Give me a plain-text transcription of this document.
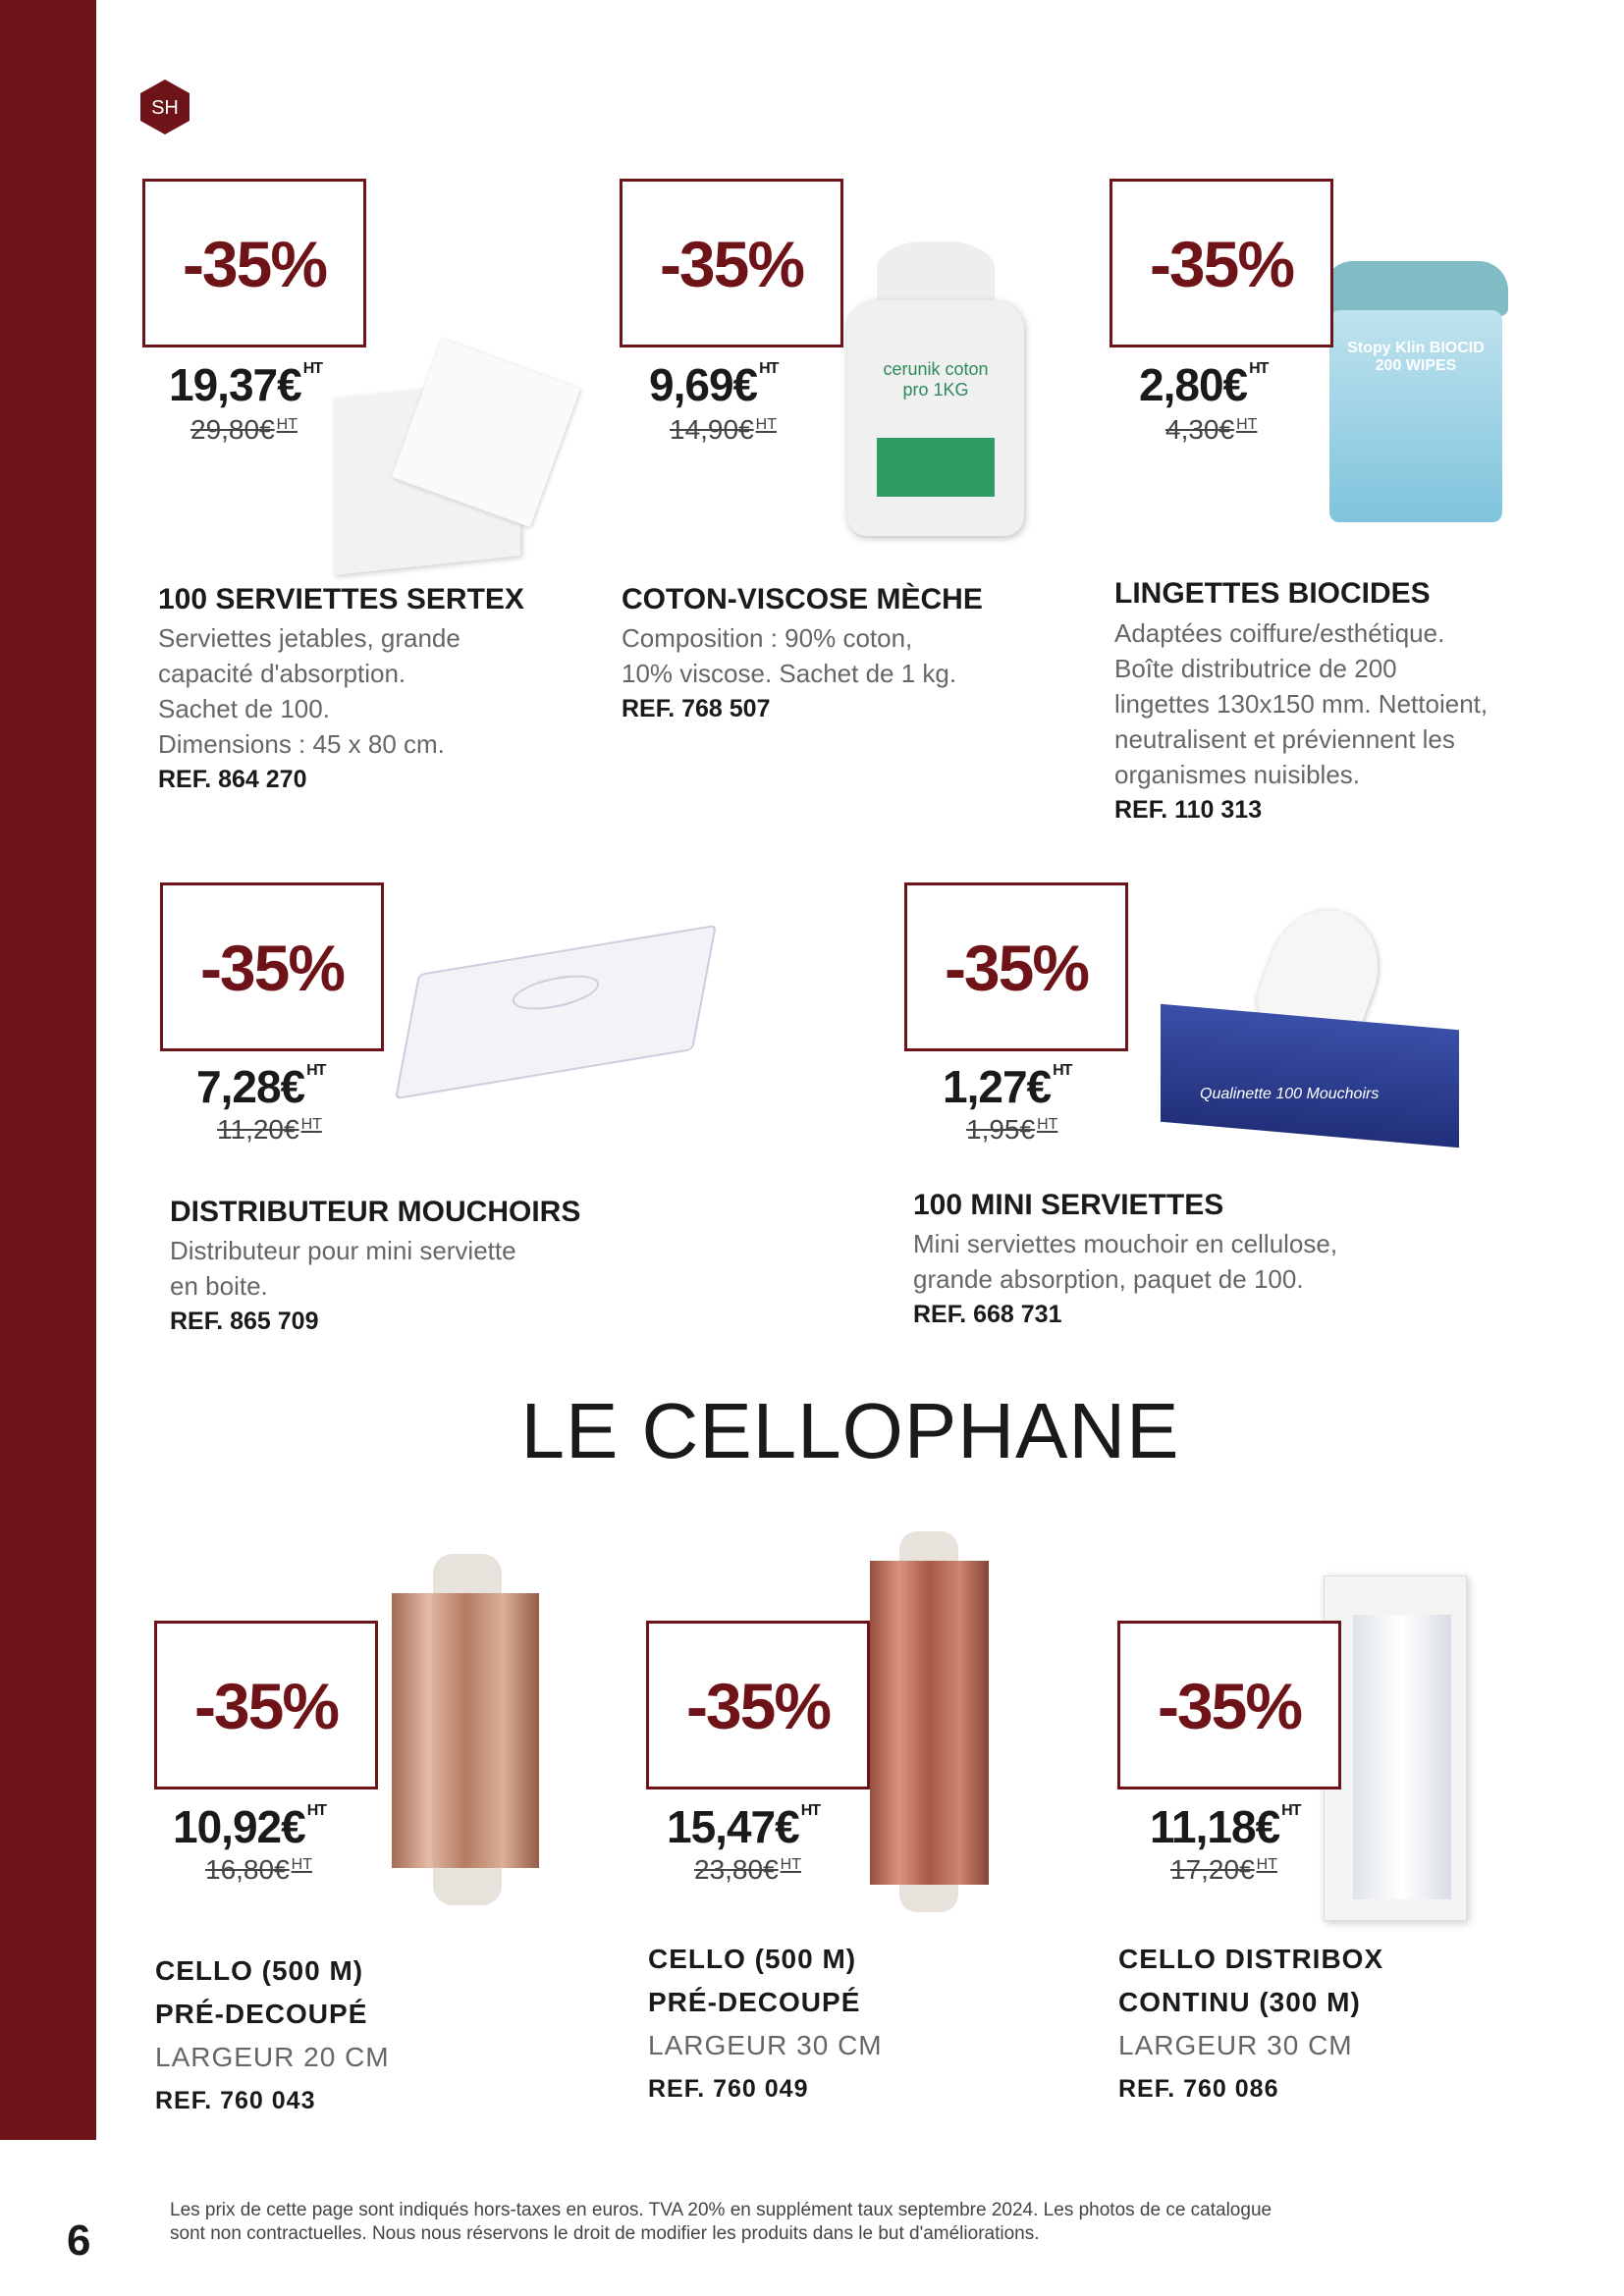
SH
-35%
19,37€ $^{HT}$
29,80€ $^{HT}$
100 SERVIETTES SERTEX
Serviettes jetables, grande
capacité d'absorption.
Sachet de 100.
Dimensions : 45 x 80 cm.
REF. 864 270
cerunik coton pro 1KG
-35%
9,69€ $^{HT}$
14,90€ $^{HT}$
COTON-VISCOSE MÈCHE
Composition : 90% coton,
10% viscose. Sachet de 1 kg.
REF. 768 507
Stopy Klin BIOCID 200 WIPES
-35%
2,80€ $^{HT}$
4,30€ $^{HT}$
LINGETTES BIOCIDES
Adaptées coiffure/esthétique.
Boîte distributrice de 200
lingettes 130x150 mm. Nettoient,
neutralisent et préviennent les
organismes nuisibles.
REF. 110 313
-35%
7,28€ $^{HT}$
11,20€ $^{HT}$
DISTRIBUTEUR MOUCHOIRS
Distributeur pour mini serviette
en boite.
REF. 865 709
Qualinette 100 Mouchoirs
-35%
1,27€ $^{HT}$
1,95€ $^{HT}$
100 MINI SERVIETTES
Mini serviettes mouchoir en cellulose,
grande absorption, paquet de 100.
REF. 668 731
LE CELLOPHANE
-35%
10,92€ $^{HT}$
16,80€ $^{HT}$
CELLO (500 M)
PRÉ-DECOUPÉ
LARGEUR 20 CM
REF. 760 043
-35%
15,47€ $^{HT}$
23,80€ $^{HT}$
CELLO (500 M)
PRÉ-DECOUPÉ
LARGEUR 30 CM
REF. 760 049
-35%
11,18€ $^{HT}$
17,20€ $^{HT}$
CELLO DISTRIBOX
CONTINU (300 M)
LARGEUR 30 CM
REF. 760 086
6
Les prix de cette page sont indiqués hors-taxes en euros. TVA 20% en supplément taux septembre 2024. Les photos de ce catalogue
sont non contractuelles. Nous nous réservons le droit de modifier les produits dans le but d'améliorations.
